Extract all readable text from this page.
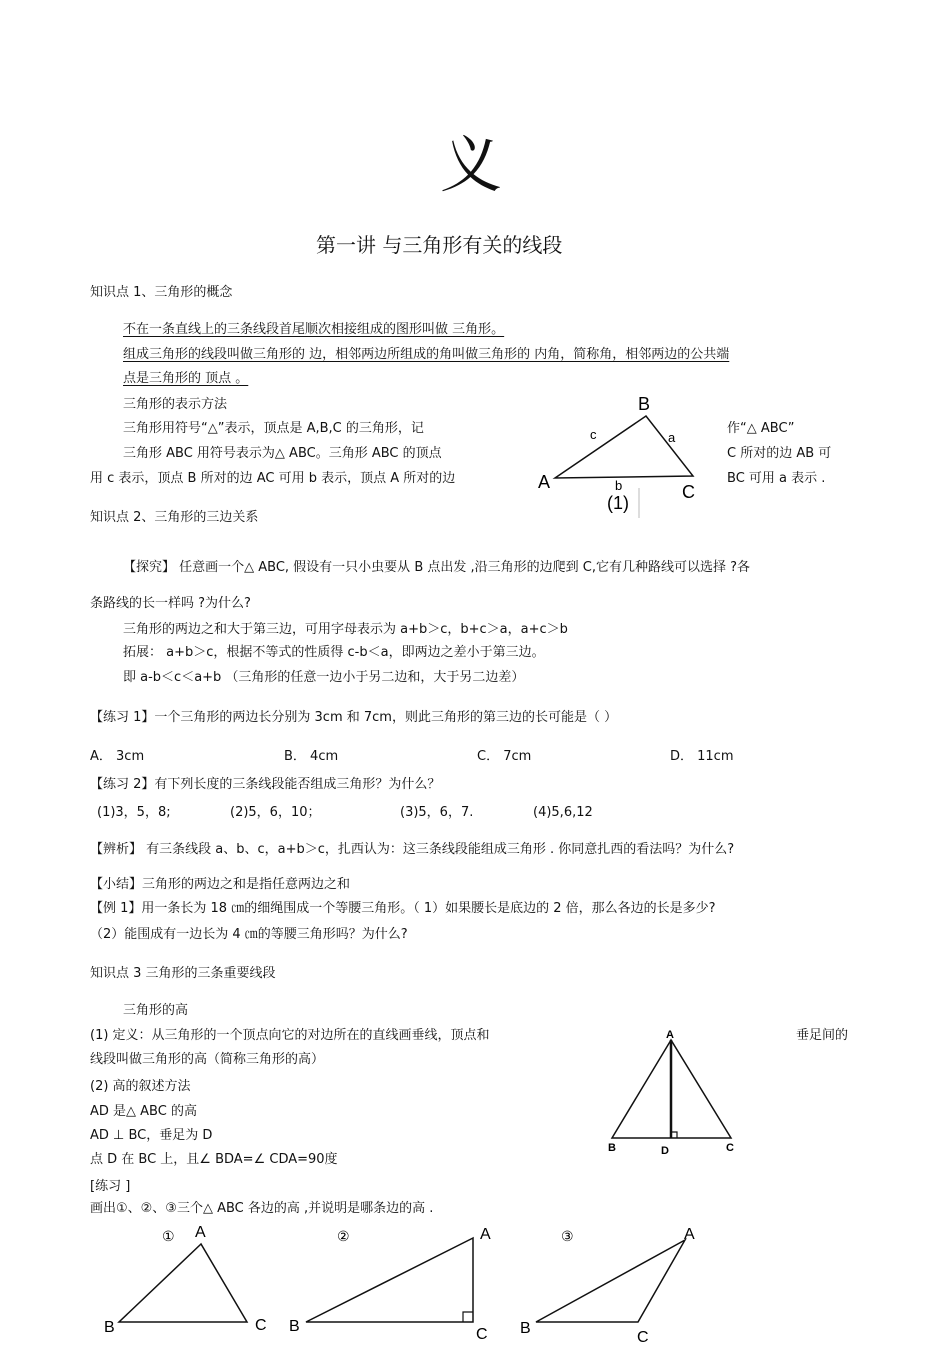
义
第一讲 与三角形有关的线段
知识点 1、三角形的概念
不在一条直线上的三条线段首尾顺次相接组成的图形叫做 三角形。
组成三角形的线段叫做三角形的 边，相邻两边所组成的角叫做三角形的 内角，简称角，相邻两边的公共端
点是三角形的 顶点 。
三角形的表示方法
三角形用符号“△”表示，顶点是 A,B,C 的三角形，记	作“△ ABC”
三角形 ABC 用符号表示为△ ABC。三角形 ABC 的顶点	C 所对的边 AB 可
用 c 表示，顶点 B 所对的边 AC 可用 b 表示，顶点 A 所对的边	BC 可用 a 表示 .
B
A	C
c	a
b
(1)
知识点 2、三角形的三边关系
【探究】 任意画一个△ ABC, 假设有一只小虫要从 B 点出发 ,沿三角形的边爬到 C,它有几种路线可以选择 ?各
条路线的长一样吗 ?为什么?
三角形的两边之和大于第三边，可用字母表示为 a+b＞c，b+c＞a，a+c＞b
拓展： a+b＞c，根据不等式的性质得 c-b＜a，即两边之差小于第三边。
即 a-b＜c＜a+b （三角形的任意一边小于另二边和，大于另二边差）
【练习 1】一个三角形的两边长分别为 3cm 和 7cm，则此三角形的第三边的长可能是（ ）
A． 3cm	B． 4cm	C． 7cm	D． 11cm
【练习 2】有下列长度的三条线段能否组成三角形？为什么？
(1)3，5，8;	(2)5，6，10；	(3)5，6，7.	(4)5,6,12
【辨析】 有三条线段 a、b、c，a+b＞c，扎西认为：这三条线段能组成三角形 . 你同意扎西的看法吗？为什么?
【小结】三角形的两边之和是指任意两边之和
【例 1】用一条长为 18 ㎝的细绳围成一个等腰三角形。（ 1）如果腰长是底边的 2 倍，那么各边的长是多少?
（2）能围成有一边长为 4 ㎝的等腰三角形吗？为什么?
知识点 3 三角形的三条重要线段
三角形的高
(1) 定义：从三角形的一个顶点向它的对边所在的直线画垂线，顶点和	垂足间的
线段叫做三角形的高（简称三角形的高）
(2) 高的叙述方法
AD 是△ ABC 的高
AD ⊥ BC，垂足为 D
点 D 在 BC 上，且∠ BDA=∠ CDA=90度
A
B	C
D
[练习 ]
画出①、②、③三个△ ABC 各边的高 ,并说明是哪条边的高 .
① A
B	C
②	A
B	C
③	A
B
C
